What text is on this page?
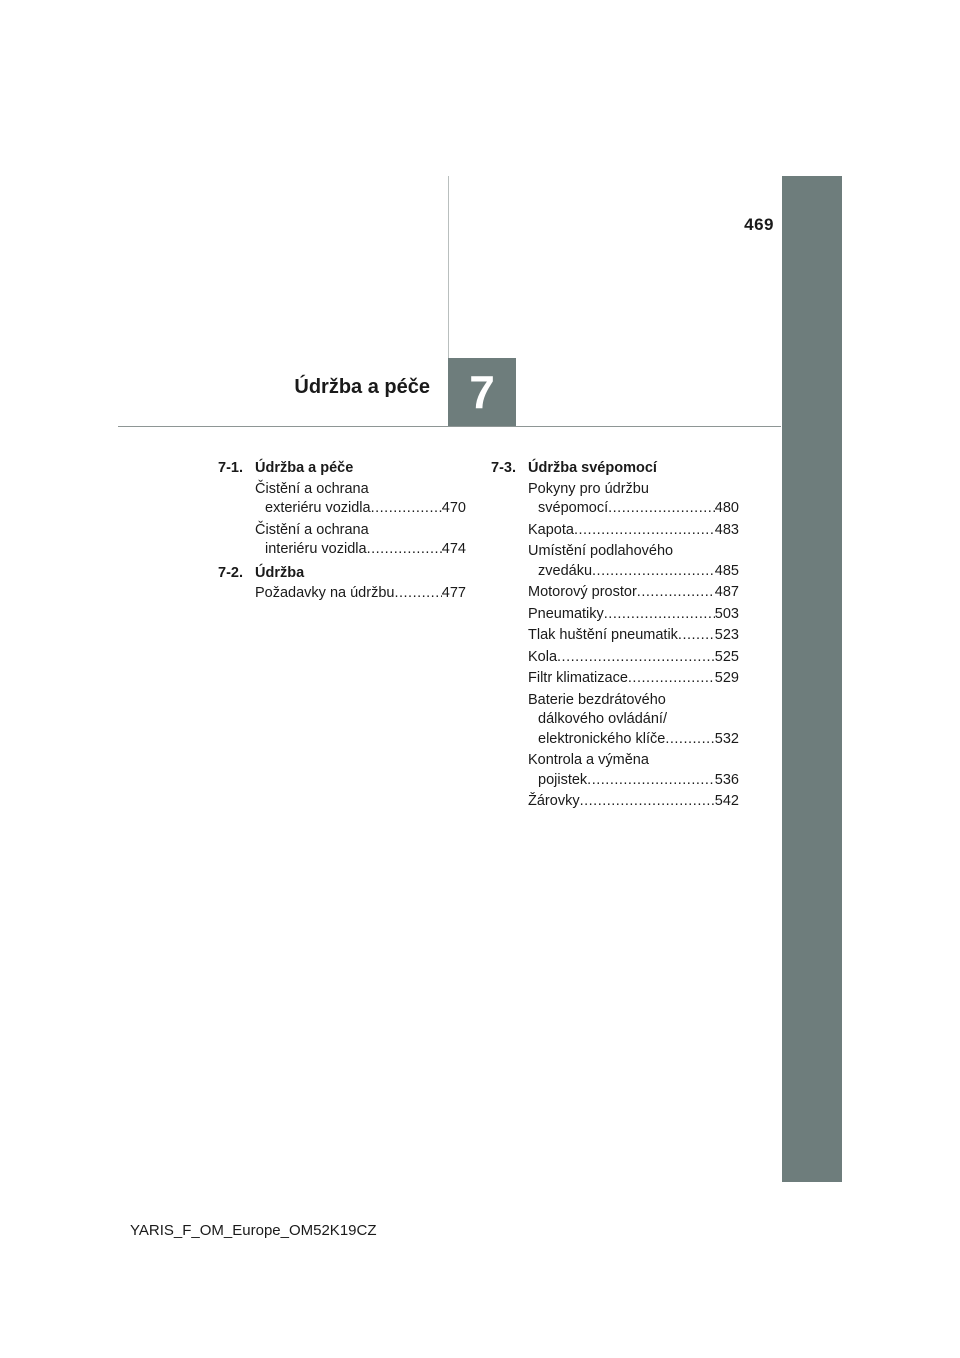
469
Údržba a péče 7
7-1. Údržba a péče
Čistění a ochrana
exteriéru vozidla .....	470
Čistění a ochrana
interiéru vozidla .....	474
7-2. Údržba
Požadavky na údržbu .....	477
7-3. Údržba svépomocí
Pokyny pro údržbu
svépomocí .....	480
Kapota .....	483
Umístění podlahového
zvedáku .....	485
Motorový prostor .....	487
Pneumatiky .....	503
Tlak huštění pneumatik .....	523
Kola .....	525
Filtr klimatizace .....	529
Baterie bezdrátového
dálkového ovládání/
elektronického klíče .....	532
Kontrola a výměna
pojistek .....	536
Žárovky .....	542
YARIS_F_OM_Europe_OM52K19CZ
